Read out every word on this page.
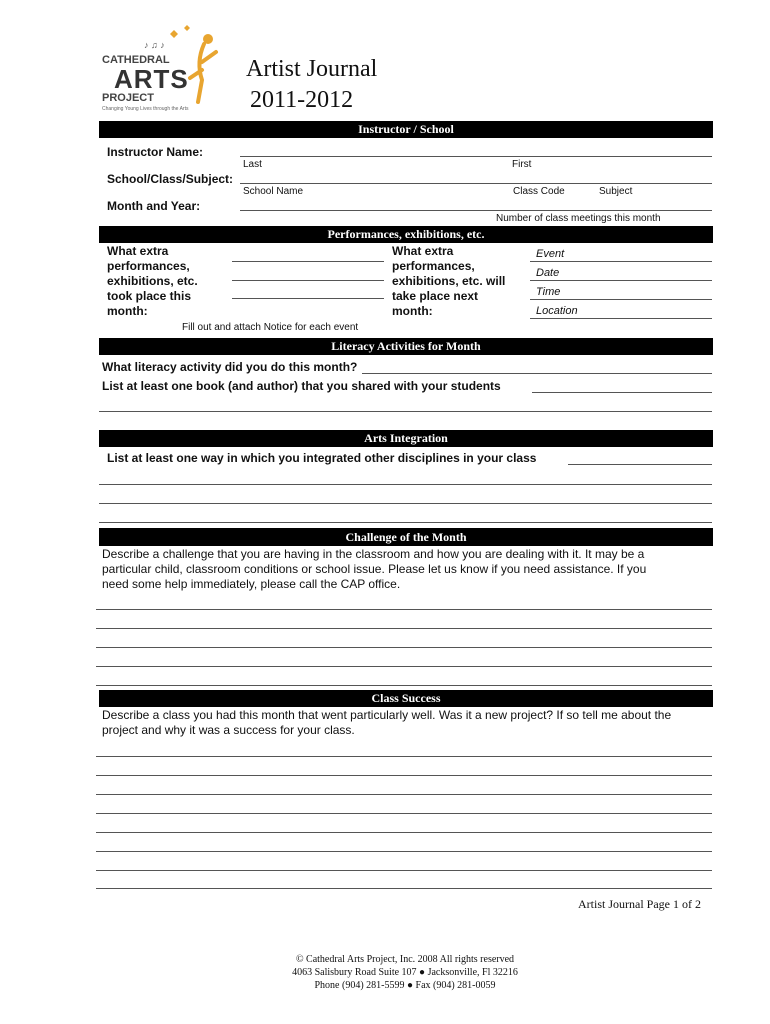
♪ ♫ ♪
CATHEDRAL
ARTS
PROJECT
Changing Young Lives through the Arts
Artist Journal
2011-2012
Instructor / School
Instructor Name:
Last	First
School/Class/Subject:
School Name	Class Code	Subject
Month and Year:
Number of class meetings this month
Performances, exhibitions, etc.
What extra
performances,
exhibitions, etc.
took place this
month:
What extra
performances,
exhibitions, etc. will
take place next
month:
Event
Date
Time
Location
Fill out and attach Notice for each event
Literacy Activities for Month
What literacy activity did you do this month?
List at least one book (and author) that you shared with your students
Arts Integration
List at least one way in which you integrated other disciplines in your class
Challenge of the Month
Describe a challenge that you are having in the classroom and how you are dealing with it. It may be a
particular child, classroom conditions or school issue. Please let us know if you need assistance. If you
need some help immediately, please call the CAP office.
Class Success
Describe a class you had this month that went particularly well. Was it a new project? If so tell me about the
project and why it was a success for your class.
Artist Journal Page 1 of 2
© Cathedral Arts Project, Inc. 2008 All rights reserved
4063 Salisbury Road Suite 107 ● Jacksonville, Fl 32216
Phone (904) 281-5599 ● Fax (904) 281-0059
